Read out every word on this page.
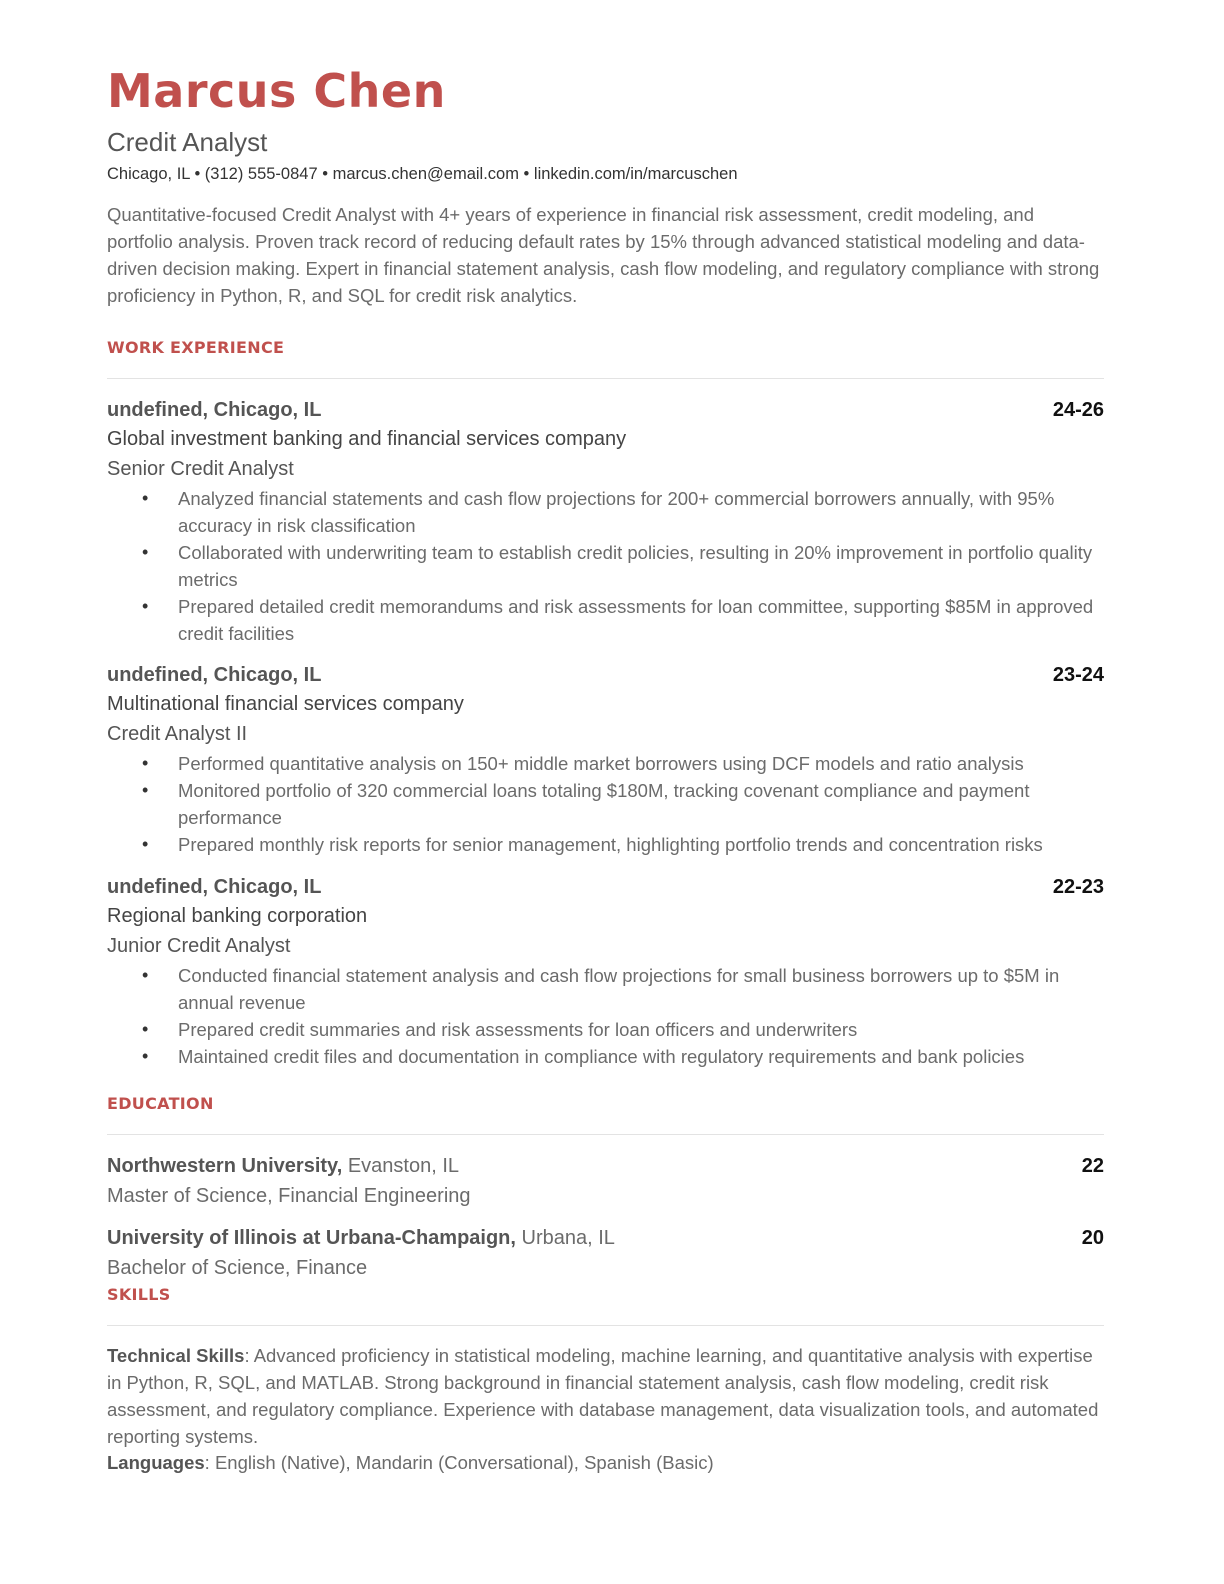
Marcus Chen
Credit Analyst
Chicago, IL • (312) 555-0847 • marcus.chen@email.com • linkedin.com/in/marcuschen
Quantitative-focused Credit Analyst with 4+ years of experience in financial risk assessment, credit modeling, and portfolio analysis. Proven track record of reducing default rates by 15% through advanced statistical modeling and data-driven decision making. Expert in financial statement analysis, cash flow modeling, and regulatory compliance with strong proficiency in Python, R, and SQL for credit risk analytics.
WORK EXPERIENCE
undefined, Chicago, IL	24-26
Global investment banking and financial services company
Senior Credit Analyst
• Analyzed financial statements and cash flow projections for 200+ commercial borrowers annually, with 95% accuracy in risk classification
• Collaborated with underwriting team to establish credit policies, resulting in 20% improvement in portfolio quality metrics
• Prepared detailed credit memorandums and risk assessments for loan committee, supporting $85M in approved credit facilities
undefined, Chicago, IL	23-24
Multinational financial services company
Credit Analyst II
• Performed quantitative analysis on 150+ middle market borrowers using DCF models and ratio analysis
• Monitored portfolio of 320 commercial loans totaling $180M, tracking covenant compliance and payment performance
• Prepared monthly risk reports for senior management, highlighting portfolio trends and concentration risks
undefined, Chicago, IL	22-23
Regional banking corporation
Junior Credit Analyst
• Conducted financial statement analysis and cash flow projections for small business borrowers up to $5M in annual revenue
• Prepared credit summaries and risk assessments for loan officers and underwriters
• Maintained credit files and documentation in compliance with regulatory requirements and bank policies
EDUCATION
Northwestern University, Evanston, IL	22
Master of Science, Financial Engineering
University of Illinois at Urbana-Champaign, Urbana, IL	20
Bachelor of Science, Finance
SKILLS
Technical Skills: Advanced proficiency in statistical modeling, machine learning, and quantitative analysis with expertise in Python, R, SQL, and MATLAB. Strong background in financial statement analysis, cash flow modeling, credit risk assessment, and regulatory compliance. Experience with database management, data visualization tools, and automated reporting systems.
Languages: English (Native), Mandarin (Conversational), Spanish (Basic)
